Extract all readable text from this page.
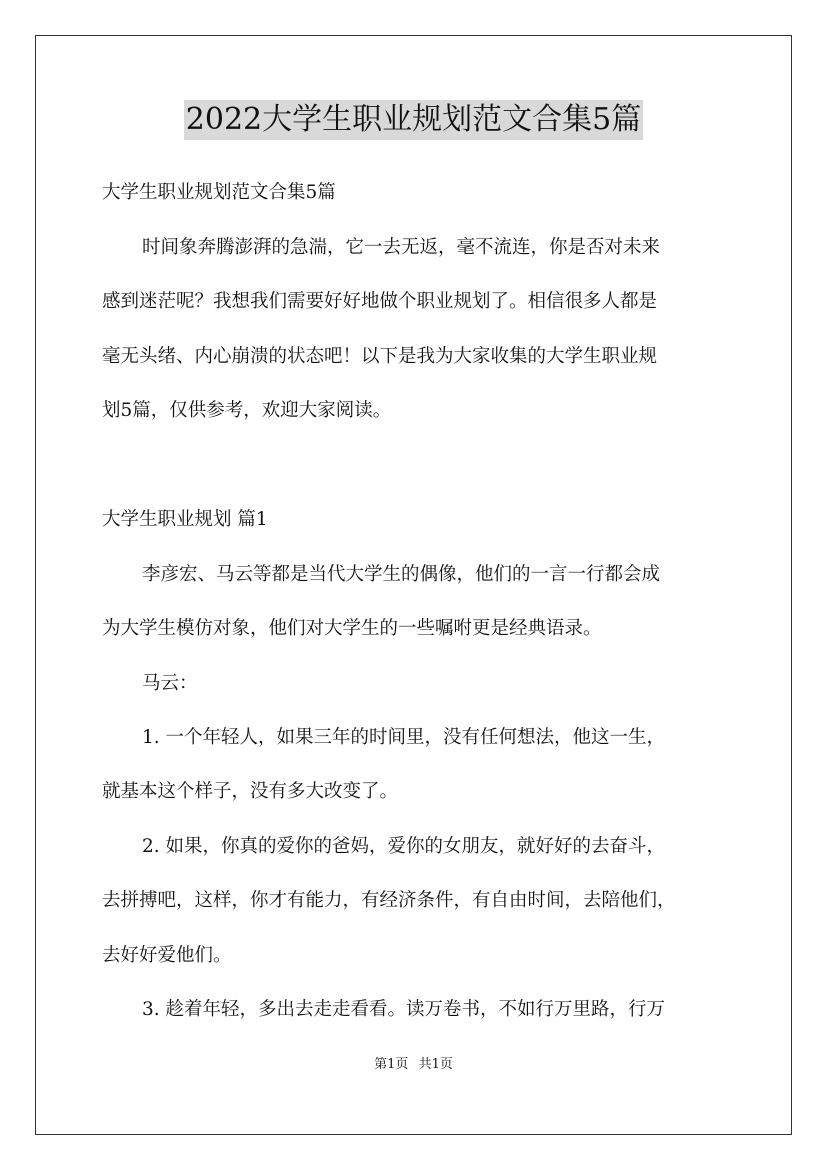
2022大学生职业规划范文合集5篇
大学生职业规划范文合集5篇
时间象奔腾澎湃的急湍，它一去无返，毫不流连，你是否对未来
感到迷茫呢？我想我们需要好好地做个职业规划了。相信很多人都是
毫无头绪、内心崩溃的状态吧！以下是我为大家收集的大学生职业规
划5篇，仅供参考，欢迎大家阅读。
大学生职业规划 篇1
李彦宏、马云等都是当代大学生的偶像，他们的一言一行都会成
为大学生模仿对象，他们对大学生的一些嘱咐更是经典语录。
马云：
1. 一个年轻人，如果三年的时间里，没有任何想法，他这一生，
就基本这个样子，没有多大改变了。
2. 如果，你真的爱你的爸妈，爱你的女朋友，就好好的去奋斗，
去拼搏吧，这样，你才有能力，有经济条件，有自由时间，去陪他们，
去好好爱他们。
3. 趁着年轻，多出去走走看看。读万卷书，不如行万里路，行万
第1页 共1页
